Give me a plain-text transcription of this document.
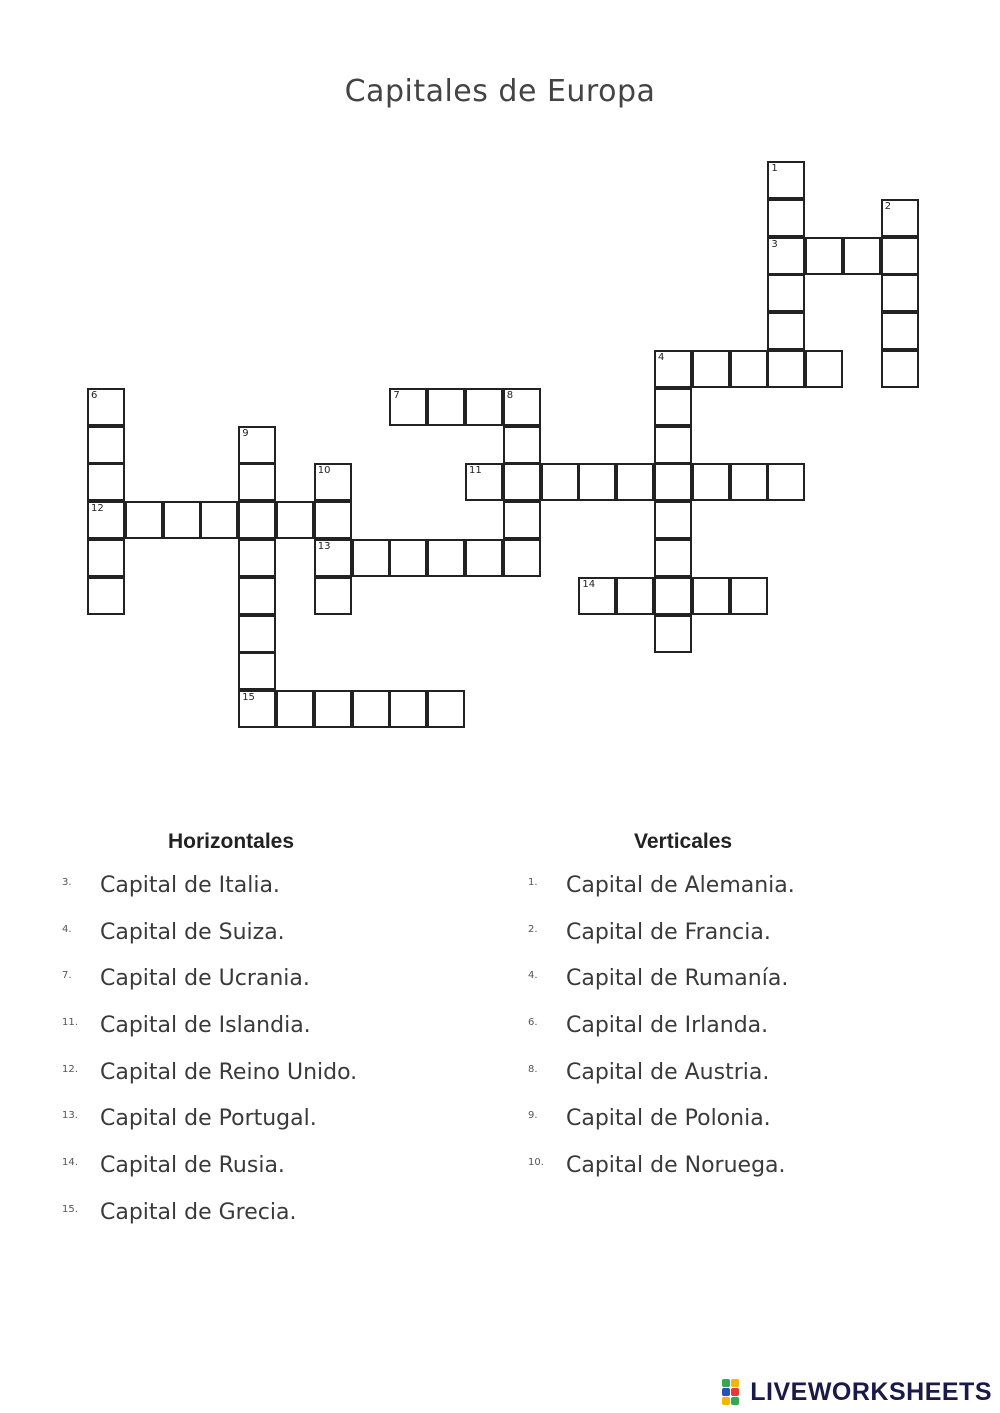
Capitales de Europa
1
2
3
4
6	7	8
9
10	11
12
13
14
15
Horizontales	Verticales
3. Capital de Italia.
4. Capital de Suiza.
7. Capital de Ucrania.
11. Capital de Islandia.
12. Capital de Reino Unido.
13. Capital de Portugal.
14. Capital de Rusia.
15. Capital de Grecia.
1. Capital de Alemania.
2. Capital de Francia.
4. Capital de Rumanía.
6. Capital de Irlanda.
8. Capital de Austria.
9. Capital de Polonia.
10. Capital de Noruega.
LIVEWORKSHEETS
